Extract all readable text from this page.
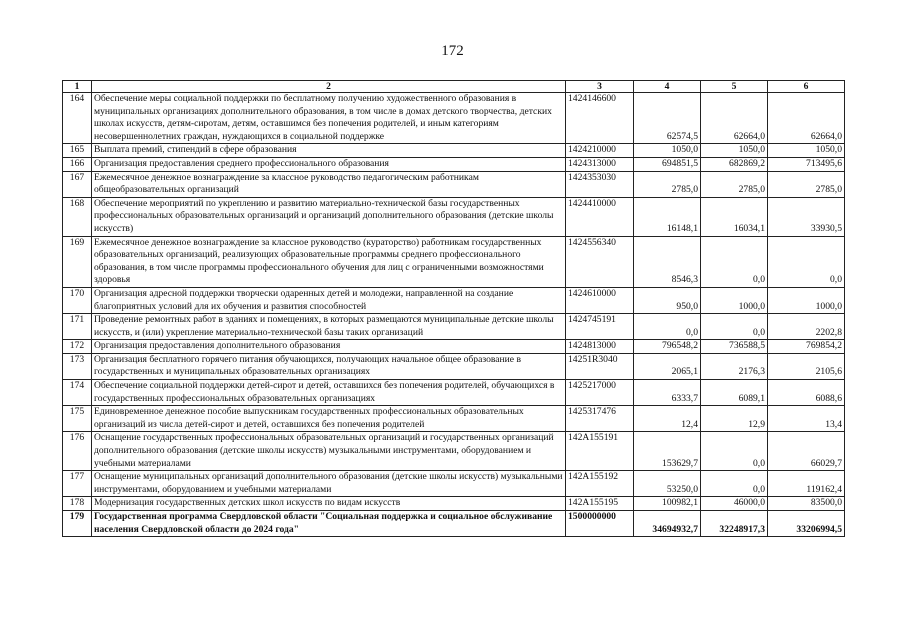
172
1	2	3	4	5	6
164	Обеспечение меры социальной поддержки по бесплатному получению художественного образования в муниципальных организациях дополнительного образования, в том числе в домах детского творчества, детских школах искусств, детям-сиротам, детям, оставшимся без попечения родителей, и иным категориям несовершеннолетних граждан, нуждающихся в социальной поддержке	1424146600	62574,5	62664,0	62664,0
165	Выплата премий, стипендий в сфере образования	1424210000	1050,0	1050,0	1050,0
166	Организация предоставления среднего профессионального образования	1424313000	694851,5	682869,2	713495,6
167	Ежемесячное денежное вознаграждение за классное руководство педагогическим работникам общеобразовательных организаций	1424353030	2785,0	2785,0	2785,0
168	Обеспечение мероприятий по укреплению и развитию материально-технической базы государственных профессиональных образовательных организаций и организаций дополнительного образования (детские школы искусств)	1424410000	16148,1	16034,1	33930,5
169	Ежемесячное денежное вознаграждение за классное руководство (кураторство) работникам государственных образовательных организаций, реализующих образовательные программы среднего профессионального образования, в том числе программы профессионального обучения для лиц с ограниченными возможностями здоровья	1424556340	8546,3	0,0	0,0
170	Организация адресной поддержки творчески одаренных детей и молодежи, направленной на создание благоприятных условий для их обучения и развития способностей	1424610000	950,0	1000,0	1000,0
171	Проведение ремонтных работ в зданиях и помещениях, в которых размещаются муниципальные детские школы искусств, и (или) укрепление материально-технической базы таких организаций	1424745191	0,0	0,0	2202,8
172	Организация предоставления дополнительного образования	1424813000	796548,2	736588,5	769854,2
173	Организация бесплатного горячего питания обучающихся, получающих начальное общее образование в государственных и муниципальных образовательных организациях	14251R3040	2065,1	2176,3	2105,6
174	Обеспечение социальной поддержки детей-сирот и детей, оставшихся без попечения родителей, обучающихся в государственных профессиональных образовательных организациях	1425217000	6333,7	6089,1	6088,6
175	Единовременное денежное пособие выпускникам государственных профессиональных образовательных организаций из числа детей-сирот и детей, оставшихся без попечения родителей	1425317476	12,4	12,9	13,4
176	Оснащение государственных профессиональных образовательных организаций и государственных организаций дополнительного образования (детские школы искусств) музыкальными инструментами, оборудованием и учебными материалами	142A155191	153629,7	0,0	66029,7
177	Оснащение муниципальных организаций дополнительного образования (детские школы искусств) музыкальными инструментами, оборудованием и учебными материалами	142A155192	53250,0	0,0	119162,4
178	Модернизация государственных детских школ искусств по видам искусств	142A155195	100982,1	46000,0	83500,0
179	Государственная программа Свердловской области "Социальная поддержка и социальное обслуживание населения Свердловской области до 2024 года"	1500000000	34694932,7	32248917,3	33206994,5
